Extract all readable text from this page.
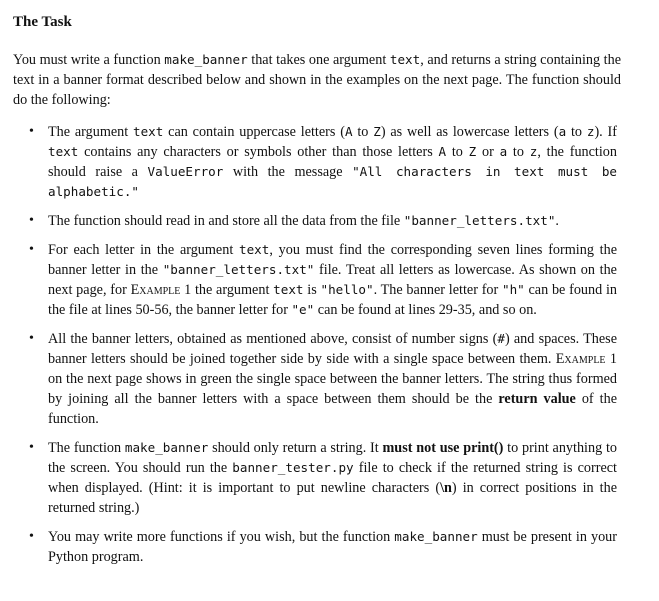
The Task

You must write a function make_banner that takes one argument text, and returns a string containing the text in a banner format described below and shown in the examples on the next page. The function should do the following:

• The argument text can contain uppercase letters (A to Z) as well as lowercase letters (a to z). If text contains any characters or symbols other than those letters A to Z or a to z, the function should raise a ValueError with the message "All characters in text must be alphabetic."
• The function should read in and store all the data from the file "banner_letters.txt".
• For each letter in the argument text, you must find the corresponding seven lines forming the banner letter in the "banner_letters.txt" file. Treat all letters as lowercase. As shown on the next page, for Example 1 the argument text is "hello". The banner letter for "h" can be found in the file at lines 50-56, the banner letter for "e" can be found at lines 29-35, and so on.
• All the banner letters, obtained as mentioned above, consist of number signs (#) and spaces. These banner letters should be joined together side by side with a single space between them. Example 1 on the next page shows in green the single space between the banner letters. The string thus formed by joining all the banner letters with a space between them should be the return value of the function.
• The function make_banner should only return a string. It must not use print() to print anything to the screen. You should run the banner_tester.py file to check if the returned string is correct when displayed. (Hint: it is important to put newline characters (\n) in correct positions in the returned string.)
• You may write more functions if you wish, but the function make_banner must be present in your Python program.
